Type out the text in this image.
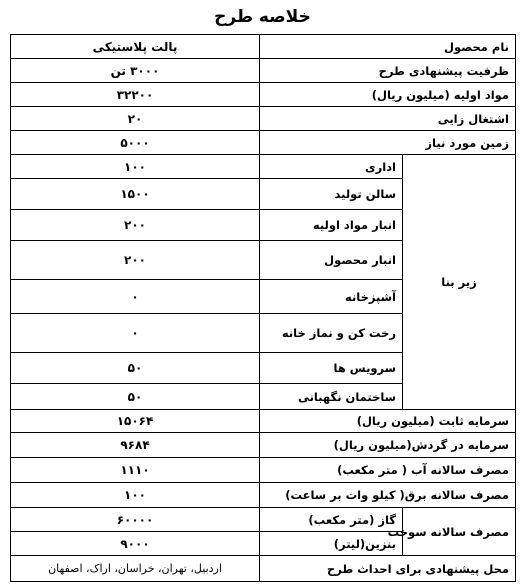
خلاصه طرح
نام محصول		پالت پلاستیکی
ظرفیت پیشنهادی طرح		۳۰۰۰ تن
مواد اولیه (میلیون ریال)		۳۲۲۰۰
اشتغال زایی		۲۰
زمین مورد نیاز		۵۰۰۰
زیر بنا	اداری	۱۰۰
	سالن تولید	۱۵۰۰
	انبار مواد اولیه	۲۰۰
	انبار محصول	۲۰۰
	آشپزخانه	۰
	رخت کن و نماز خانه	۰
	سرویس ها	۵۰
	ساختمان نگهبانی	۵۰
سرمایه ثابت (میلیون ریال)		۱۵۰۶۴
سرمایه در گردش(میلیون ریال)		۹۶۸۴
مصرف سالانه آب ( متر مکعب)		۱۱۱۰
مصرف سالانه برق( کیلو وات بر ساعت)		۱۰۰
مصرف سالانه سوخت	گاز (متر مکعب)	۶۰۰۰۰
	بنزین(لیتر)	۹۰۰۰
محل پیشنهادی برای احداث طرح		اردبیل، تهران، خراسان، اراک، اصفهان
